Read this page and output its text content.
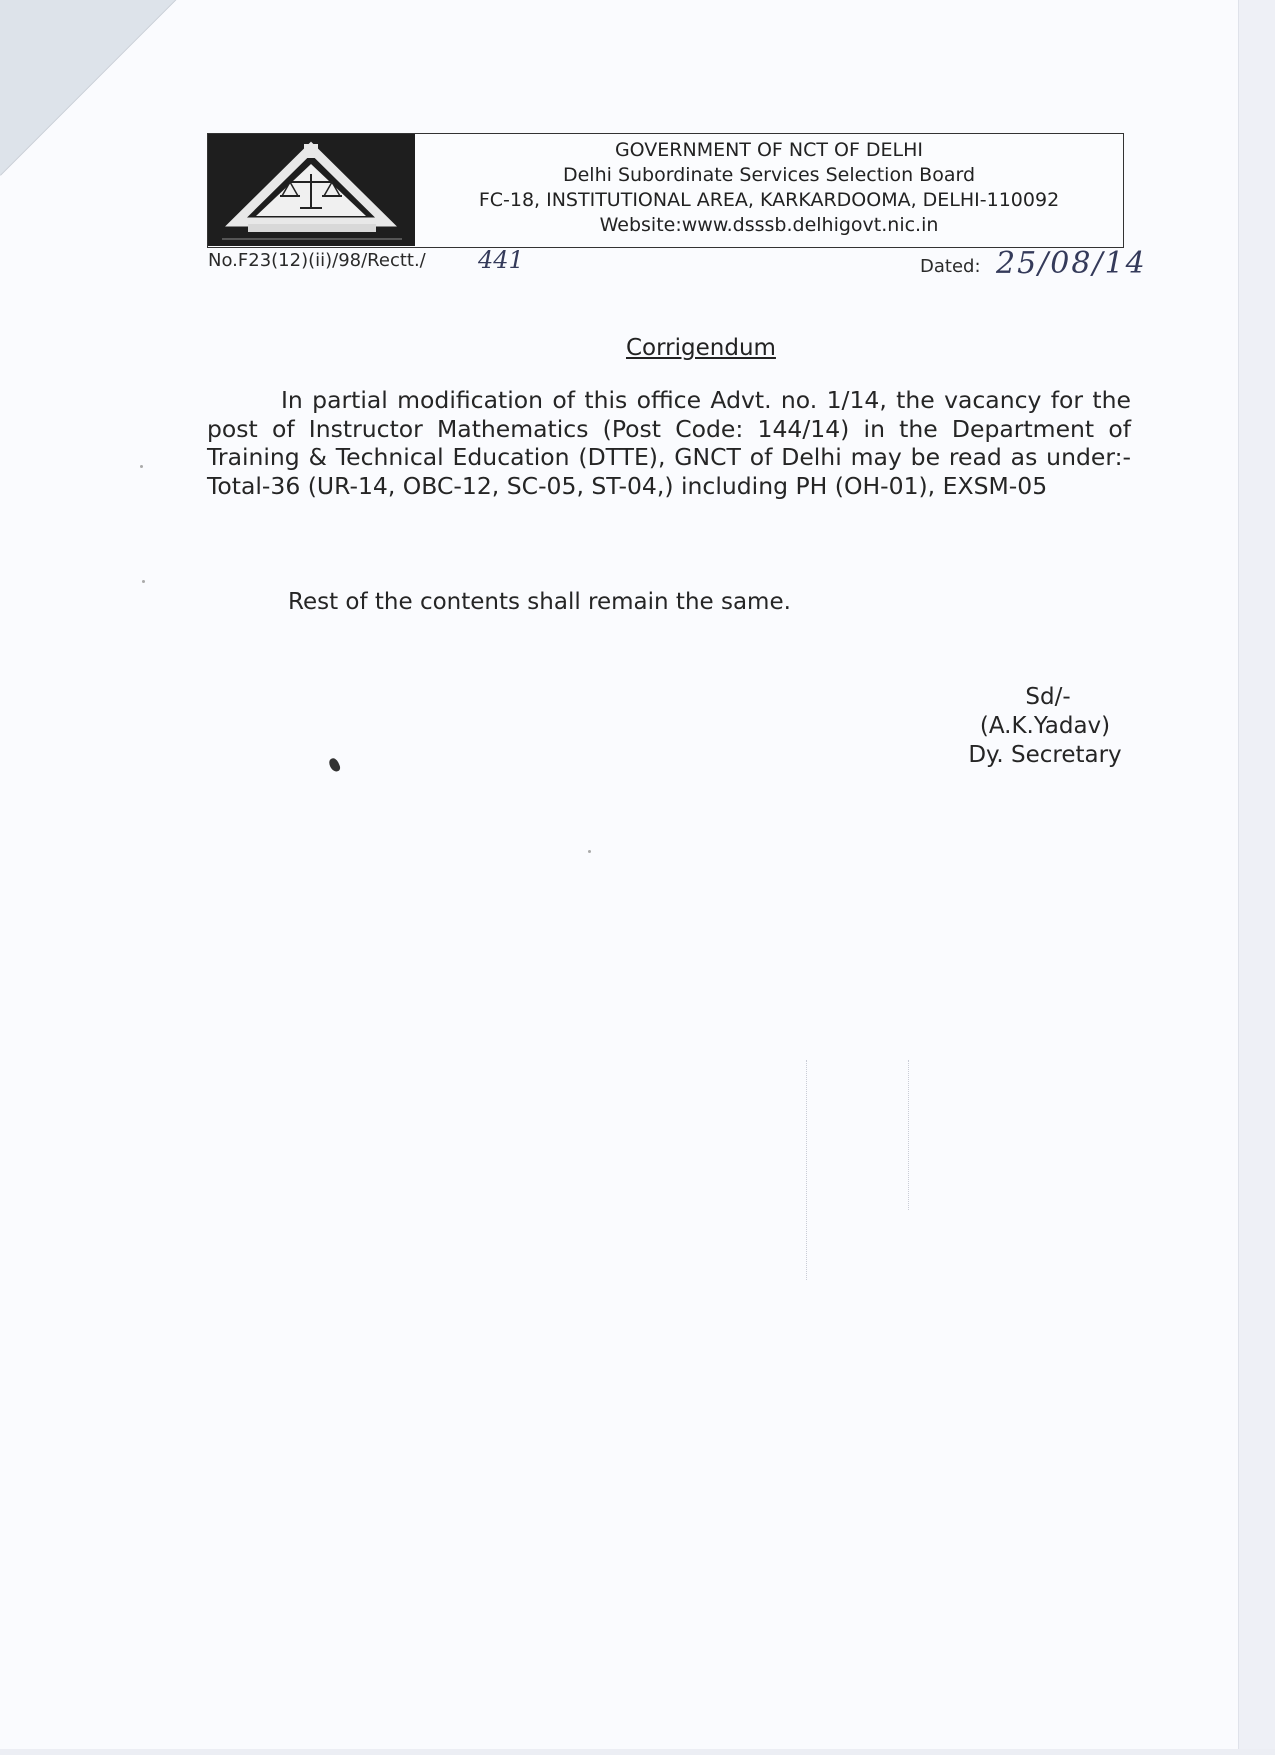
GOVERNMENT OF NCT OF DELHI
Delhi Subordinate Services Selection Board
FC-18, INSTITUTIONAL AREA, KARKARDOOMA, DELHI-110092
Website:www.dsssb.delhigovt.nic.in
No.F23(12)(ii)/98/Rectt./ 441	Dated: 25/08/14
Corrigendum
In partial modification of this office Advt. no. 1/14, the vacancy for the post of Instructor Mathematics (Post Code: 144/14) in the Department of Training & Technical Education (DTTE), GNCT of Delhi may be read as under:- Total-36 (UR-14, OBC-12, SC-05, ST-04,) including PH (OH-01), EXSM-05
Rest of the contents shall remain the same.
Sd/-
(A.K.Yadav)
Dy. Secretary
